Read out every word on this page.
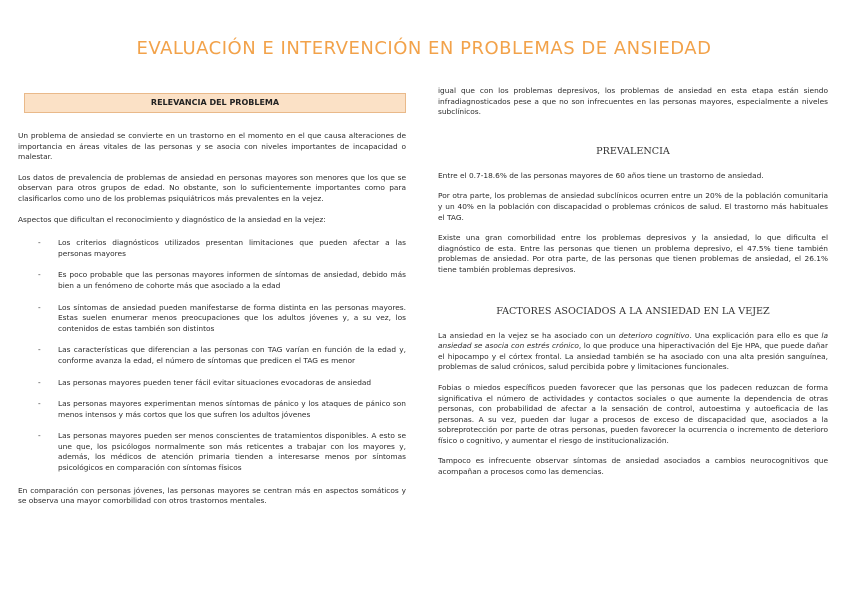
EVALUACIÓN E INTERVENCIÓN EN PROBLEMAS DE ANSIEDAD
RELEVANCIA DEL PROBLEMA

Un problema de ansiedad se convierte en un trastorno en el momento en el que causa alteraciones de importancia en áreas vitales de las personas y se asocia con niveles importantes de incapacidad o malestar.

Los datos de prevalencia de problemas de ansiedad en personas mayores son menores que los que se observan para otros grupos de edad. No obstante, son lo suficientemente importantes como para clasificarlos como uno de los problemas psiquiátricos más prevalentes en la vejez.

Aspectos que dificultan el reconocimiento y diagnóstico de la ansiedad en la vejez:

- Los criterios diagnósticos utilizados presentan limitaciones que pueden afectar a las personas mayores
- Es poco probable que las personas mayores informen de síntomas de ansiedad, debido más bien a un fenómeno de cohorte más que asociado a la edad
- Los síntomas de ansiedad pueden manifestarse de forma distinta en las personas mayores. Estas suelen enumerar menos preocupaciones que los adultos jóvenes y, a su vez, los contenidos de estas también son distintos
- Las características que diferencian a las personas con TAG varían en función de la edad y, conforme avanza la edad, el número de síntomas que predicen el TAG es menor
- Las personas mayores pueden tener fácil evitar situaciones evocadoras de ansiedad
- Las personas mayores experimentan menos síntomas de pánico y los ataques de pánico son menos intensos y más cortos que los que sufren los adultos jóvenes
- Las personas mayores pueden ser menos conscientes de tratamientos disponibles. A esto se une que, los psicólogos normalmente son más reticentes a trabajar con los mayores y, además, los médicos de atención primaria tienden a interesarse menos por síntomas psicológicos en comparación con síntomas físicos

En comparación con personas jóvenes, las personas mayores se centran más en aspectos somáticos y se observa una mayor comorbilidad con otros trastornos mentales.

igual que con los problemas depresivos, los problemas de ansiedad en esta etapa están siendo infradiagnosticados pese a que no son infrecuentes en las personas mayores, especialmente a niveles subclínicos.

PREVALENCIA

Entre el 0.7-18.6% de las personas mayores de 60 años tiene un trastorno de ansiedad.

Por otra parte, los problemas de ansiedad subclínicos ocurren entre un 20% de la población comunitaria y un 40% en la población con discapacidad o problemas crónicos de salud. El trastorno más habituales el TAG.

Existe una gran comorbilidad entre los problemas depresivos y la ansiedad, lo que dificulta el diagnóstico de esta. Entre las personas que tienen un problema depresivo, el 47.5% tiene también problemas de ansiedad. Por otra parte, de las personas que tienen problemas de ansiedad, el 26.1% tiene también problemas depresivos.

FACTORES ASOCIADOS A LA ANSIEDAD EN LA VEJEZ

La ansiedad en la vejez se ha asociado con un deterioro cognitivo. Una explicación para ello es que la ansiedad se asocia con estrés crónico, lo que produce una hiperactivación del Eje HPA, que puede dañar el hipocampo y el córtex frontal. La ansiedad también se ha asociado con una alta presión sanguínea, problemas de salud crónicos, salud percibida pobre y limitaciones funcionales.

Fobias o miedos específicos pueden favorecer que las personas que los padecen reduzcan de forma significativa el número de actividades y contactos sociales o que aumente la dependencia de otras personas, con probabilidad de afectar a la sensación de control, autoestima y autoeficacia de las personas. A su vez, pueden dar lugar a procesos de exceso de discapacidad que, asociados a la sobreprotección por parte de otras personas, pueden favorecer la ocurrencia o incremento de deterioro físico o cognitivo, y aumentar el riesgo de institucionalización.

Tampoco es infrecuente observar síntomas de ansiedad asociados a cambios neurocognitivos que acompañan a procesos como las demencias.
